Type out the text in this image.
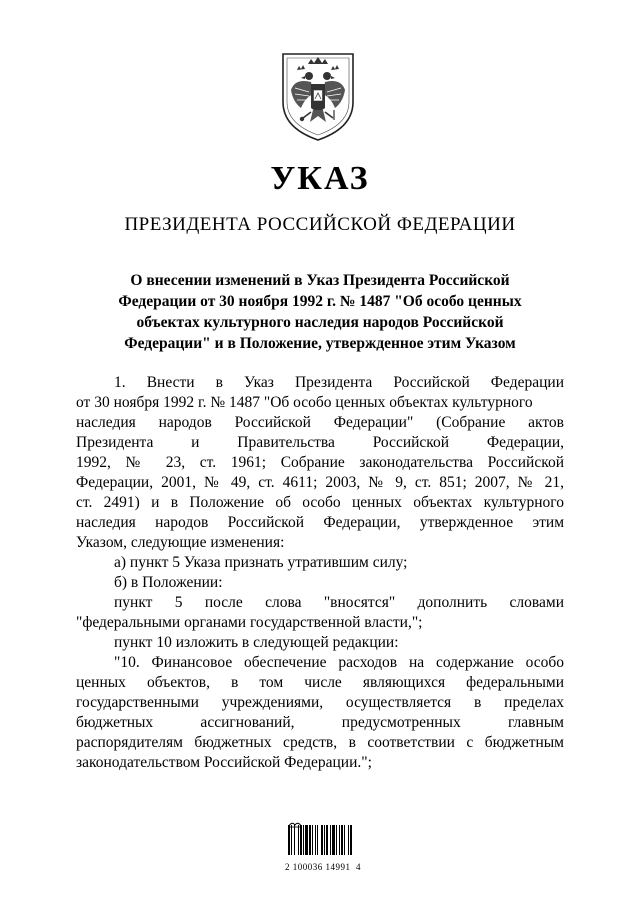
УКАЗ
ПРЕЗИДЕНТА РОССИЙСКОЙ ФЕДЕРАЦИИ
О внесении изменений в Указ Президента Российской
Федерации от 30 ноября 1992 г. № 1487 "Об особо ценных
объектах культурного наследия народов Российской
Федерации" и в Положение, утвержденное этим Указом
1. Внести в Указ Президента Российской Федерации
от 30 ноября 1992 г. № 1487 "Об особо ценных объектах культурного
наследия народов Российской Федерации" (Собрание актов
Президента и Правительства Российской Федерации,
1992, № 23, ст. 1961; Собрание законодательства Российской
Федерации, 2001, № 49, ст. 4611; 2003, № 9, ст. 851; 2007, № 21,
ст. 2491) и в Положение об особо ценных объектах культурного
наследия народов Российской Федерации, утвержденное этим
Указом, следующие изменения:
а) пункт 5 Указа признать утратившим силу;
б) в Положении:
пункт 5 после слова "вносятся" дополнить словами
"федеральными органами государственной власти,";
пункт 10 изложить в следующей редакции:
"10. Финансовое обеспечение расходов на содержание особо
ценных объектов, в том числе являющихся федеральными
государственными учреждениями, осуществляется в пределах
бюджетных ассигнований, предусмотренных главным
распорядителям бюджетных средств, в соответствии с бюджетным
законодательством Российской Федерации.";
2 100036 14991  4
